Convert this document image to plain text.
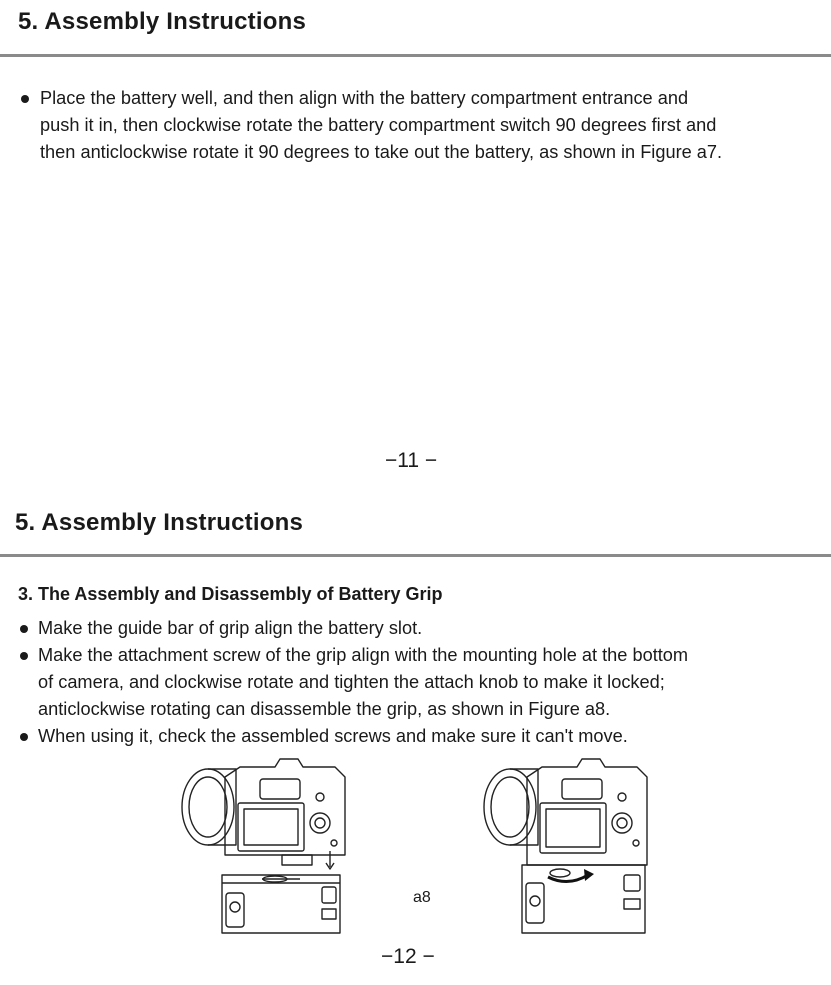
5. Assembly Instructions
Place the battery well, and then align with the battery compartment entrance and
push it in, then clockwise rotate the battery compartment switch 90 degrees first and
then anticlockwise rotate it 90 degrees to take out the battery, as shown in Figure a7.
−11 −
5. Assembly Instructions
3. The Assembly and Disassembly of Battery Grip
Make the guide bar of grip align the battery slot.
Make the attachment screw of the grip align with the mounting hole at the bottom
of camera, and clockwise rotate and tighten the attach knob to make it locked;
anticlockwise rotating can disassemble the grip, as shown in Figure a8.
When using it, check the assembled screws and make sure it can't move.
a8
−12 −
